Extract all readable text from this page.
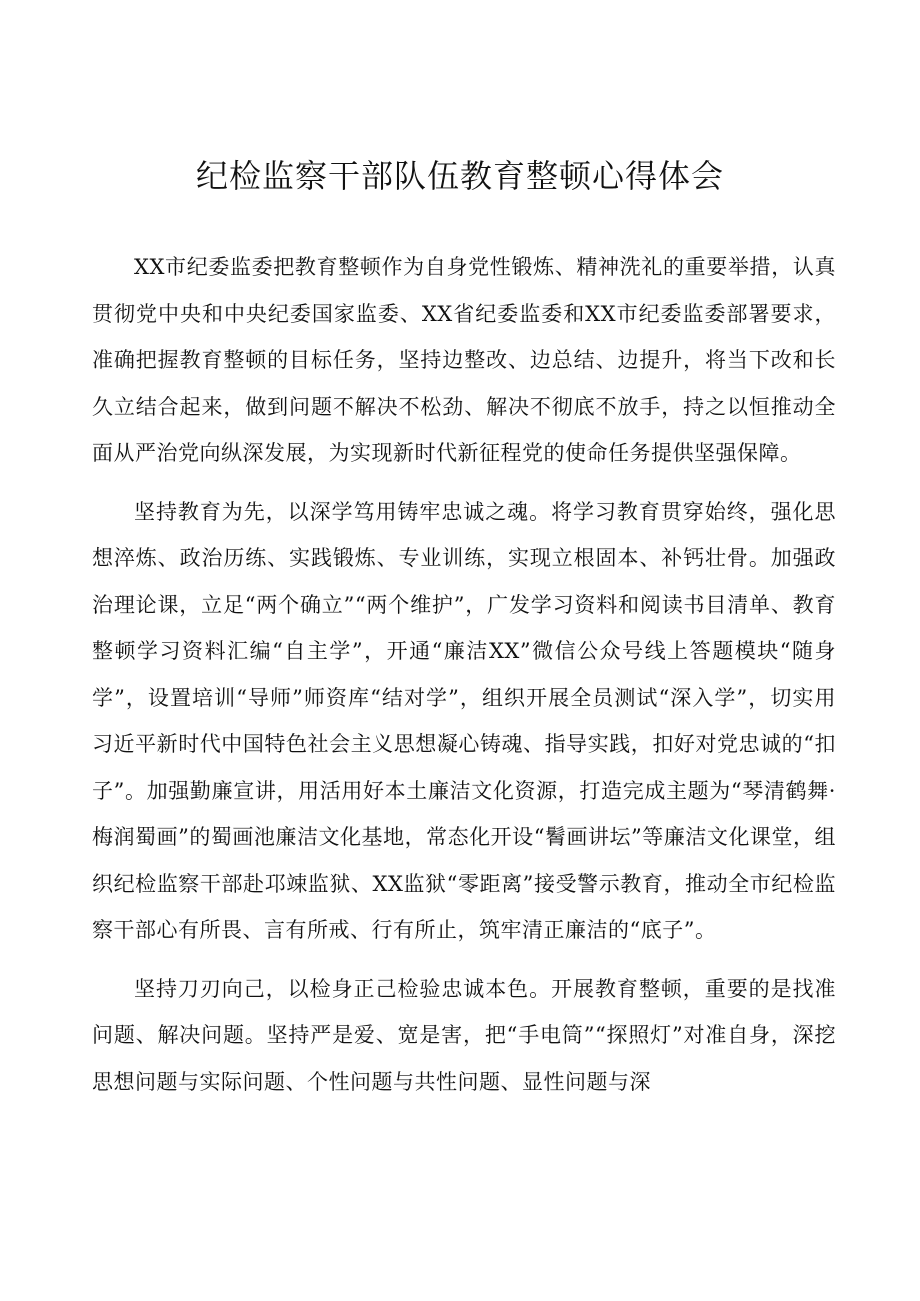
纪检监察干部队伍教育整顿心得体会

XX市纪委监委把教育整顿作为自身党性锻炼、精神洗礼的重要举措，认真贯彻党中央和中央纪委国家监委、XX省纪委监委和XX市纪委监委部署要求，准确把握教育整顿的目标任务，坚持边整改、边总结、边提升，将当下改和长久立结合起来，做到问题不解决不松劲、解决不彻底不放手，持之以恒推动全面从严治党向纵深发展，为实现新时代新征程党的使命任务提供坚强保障。

坚持教育为先，以深学笃用铸牢忠诚之魂。将学习教育贯穿始终，强化思想淬炼、政治历练、实践锻炼、专业训练，实现立根固本、补钙壮骨。加强政治理论课，立足“两个确立”“两个维护”，广发学习资料和阅读书目清单、教育整顿学习资料汇编“自主学”，开通“廉洁XX”微信公众号线上答题模块“随身学”，设置培训“导师”师资库“结对学”，组织开展全员测试“深入学”，切实用习近平新时代中国特色社会主义思想凝心铸魂、指导实践，扣好对党忠诚的“扣子”。加强勤廉宣讲，用活用好本土廉洁文化资源，打造完成主题为“琴清鹤舞·梅润蜀画”的蜀画池廉洁文化基地，常态化开设“鬌画讲坛”等廉洁文化课堂，组织纪检监察干部赴邛竦监狱、XX监狱“零距离”接受警示教育，推动全市纪检监察干部心有所畏、言有所戒、行有所止，筑牢清正廉洁的“底子”。

坚持刀刃向己，以检身正己检验忠诚本色。开展教育整顿，重要的是找准问题、解决问题。坚持严是爱、宽是害，把“手电筒”“探照灯”对准自身，深挖思想问题与实际问题、个性问题与共性问题、显性问题与深
